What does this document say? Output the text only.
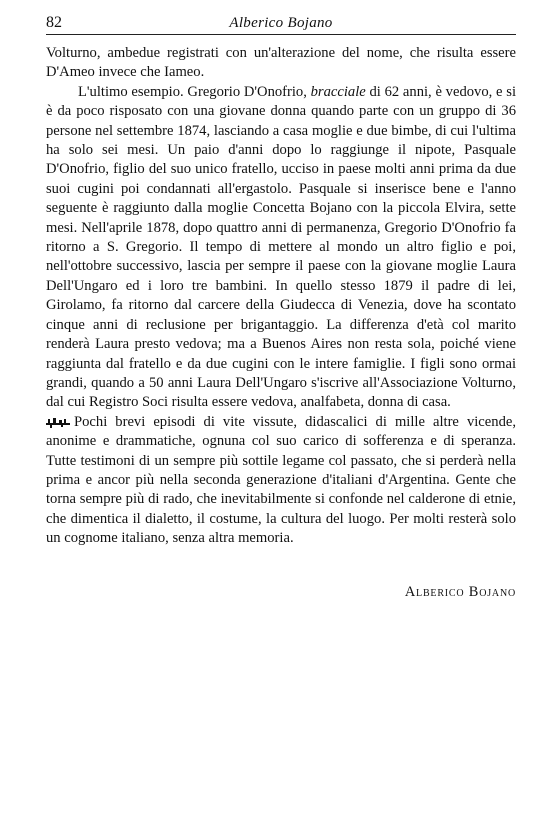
82	Alberico Bojano

Volturno, ambedue registrati con un'alterazione del nome, che risulta essere D'Ameo invece che Iameo.

L'ultimo esempio. Gregorio D'Onofrio, bracciale di 62 anni, è vedovo, e si è da poco risposato con una giovane donna quando parte con un gruppo di 36 persone nel settembre 1874, lasciando a casa moglie e due bimbe, di cui l'ultima ha solo sei mesi. Un paio d'anni dopo lo raggiunge il nipote, Pasquale D'Onofrio, figlio del suo unico fratello, ucciso in paese molti anni prima da due suoi cugini poi condannati all'ergastolo. Pasquale si inserisce bene e l'anno seguente è raggiunto dalla moglie Concetta Bojano con la piccola Elvira, sette mesi. Nell'aprile 1878, dopo quattro anni di permanenza, Gregorio D'Onofrio fa ritorno a S. Gregorio. Il tempo di mettere al mondo un altro figlio e poi, nell'ottobre successivo, lascia per sempre il paese con la giovane moglie Laura Dell'Ungaro ed i loro tre bambini. In quello stesso 1879 il padre di lei, Girolamo, fa ritorno dal carcere della Giudecca di Venezia, dove ha scontato cinque anni di reclusione per brigantaggio. La differenza d'età col marito renderà Laura presto vedova; ma a Buenos Aires non resta sola, poiché viene raggiunta dal fratello e da due cugini con le intere famiglie. I figli sono ormai grandi, quando a 50 anni Laura Dell'Ungaro s'iscrive all'Associazione Volturno, dal cui Registro Soci risulta essere vedova, analfabeta, donna di casa.

Pochi brevi episodi di vite vissute, didascalici di mille altre vicende, anonime e drammatiche, ognuna col suo carico di sofferenza e di speranza. Tutte testimoni di un sempre più sottile legame col passato, che si perderà nella prima e ancor più nella seconda generazione d'italiani d'Argentina. Gente che torna sempre più di rado, che inevitabilmente si confonde nel calderone di etnie, che dimentica il dialetto, il costume, la cultura del luogo. Per molti resterà solo un cognome italiano, senza altra memoria.

Alberico Bojano
